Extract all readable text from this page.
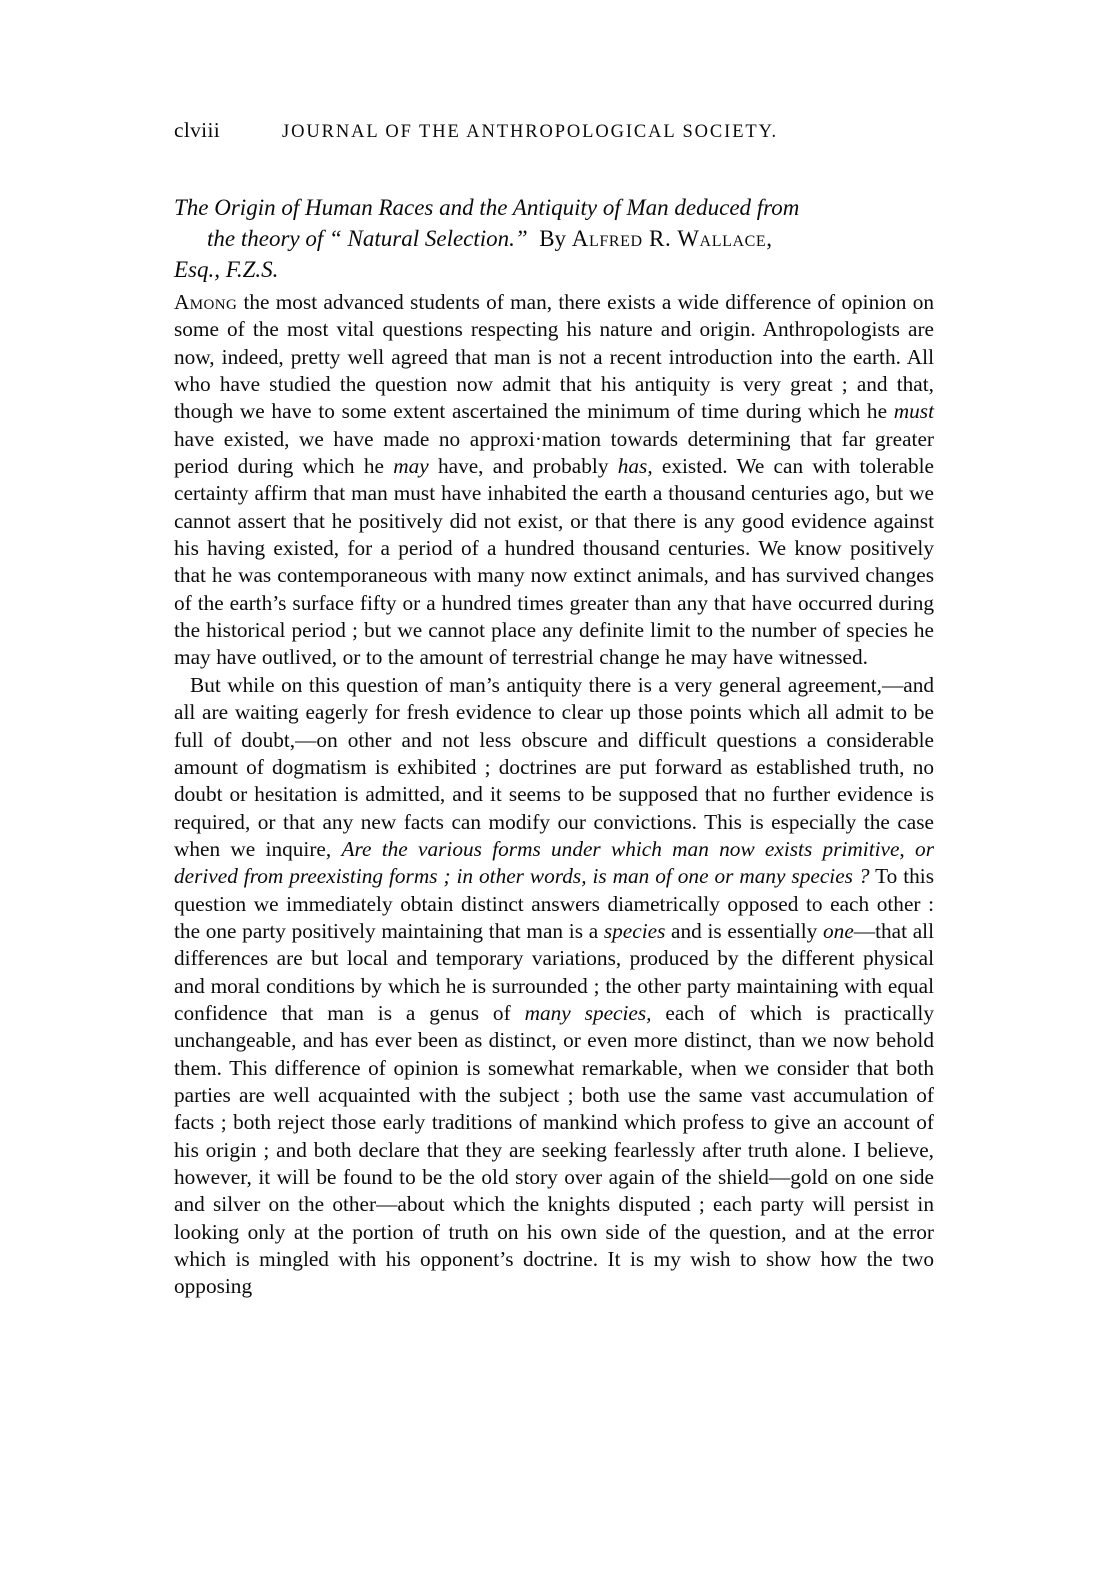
clviii	JOURNAL OF THE ANTHROPOLOGICAL SOCIETY.
The Origin of Human Races and the Antiquity of Man deduced from
the theory of “ Natural Selection.” By Alfred R. Wallace,
Esq., F.Z.S.

Among the most advanced students of man, there exists a wide difference of opinion on some of the most vital questions respecting his nature and origin. Anthropologists are now, indeed, pretty well agreed that man is not a recent introduction into the earth. All who have studied the question now admit that his antiquity is very great ; and that, though we have to some extent ascertained the minimum of time during which he must have existed, we have made no approxi·mation towards determining that far greater period during which he may have, and probably has, existed. We can with tolerable certainty affirm that man must have inhabited the earth a thousand centuries ago, but we cannot assert that he positively did not exist, or that there is any good evidence against his having existed, for a period of a hundred thousand centuries. We know positively that he was contemporaneous with many now extinct animals, and has survived changes of the earth’s surface fifty or a hundred times greater than any that have occurred during the historical period ; but we cannot place any definite limit to the number of species he may have outlived, or to the amount of terrestrial change he may have witnessed.

But while on this question of man’s antiquity there is a very general agreement,—and all are waiting eagerly for fresh evidence to clear up those points which all admit to be full of doubt,—on other and not less obscure and difficult questions a considerable amount of dogmatism is exhibited ; doctrines are put forward as established truth, no doubt or hesitation is admitted, and it seems to be supposed that no further evidence is required, or that any new facts can modify our convictions. This is especially the case when we inquire, Are the various forms under which man now exists primitive, or derived from preexisting forms ; in other words, is man of one or many species ? To this question we immediately obtain distinct answers diametrically opposed to each other : the one party positively maintaining that man is a species and is essentially one—that all differences are but local and temporary variations, produced by the different physical and moral conditions by which he is surrounded ; the other party maintaining with equal confidence that man is a genus of many species, each of which is practically unchangeable, and has ever been as distinct, or even more distinct, than we now behold them. This difference of opinion is somewhat remarkable, when we consider that both parties are well acquainted with the subject ; both use the same vast accumulation of facts ; both reject those early traditions of mankind which profess to give an account of his origin ; and both declare that they are seeking fearlessly after truth alone. I believe, however, it will be found to be the old story over again of the shield—gold on one side and silver on the other—about which the knights disputed ; each party will persist in looking only at the portion of truth on his own side of the question, and at the error which is mingled with his opponent’s doctrine. It is my wish to show how the two opposing
